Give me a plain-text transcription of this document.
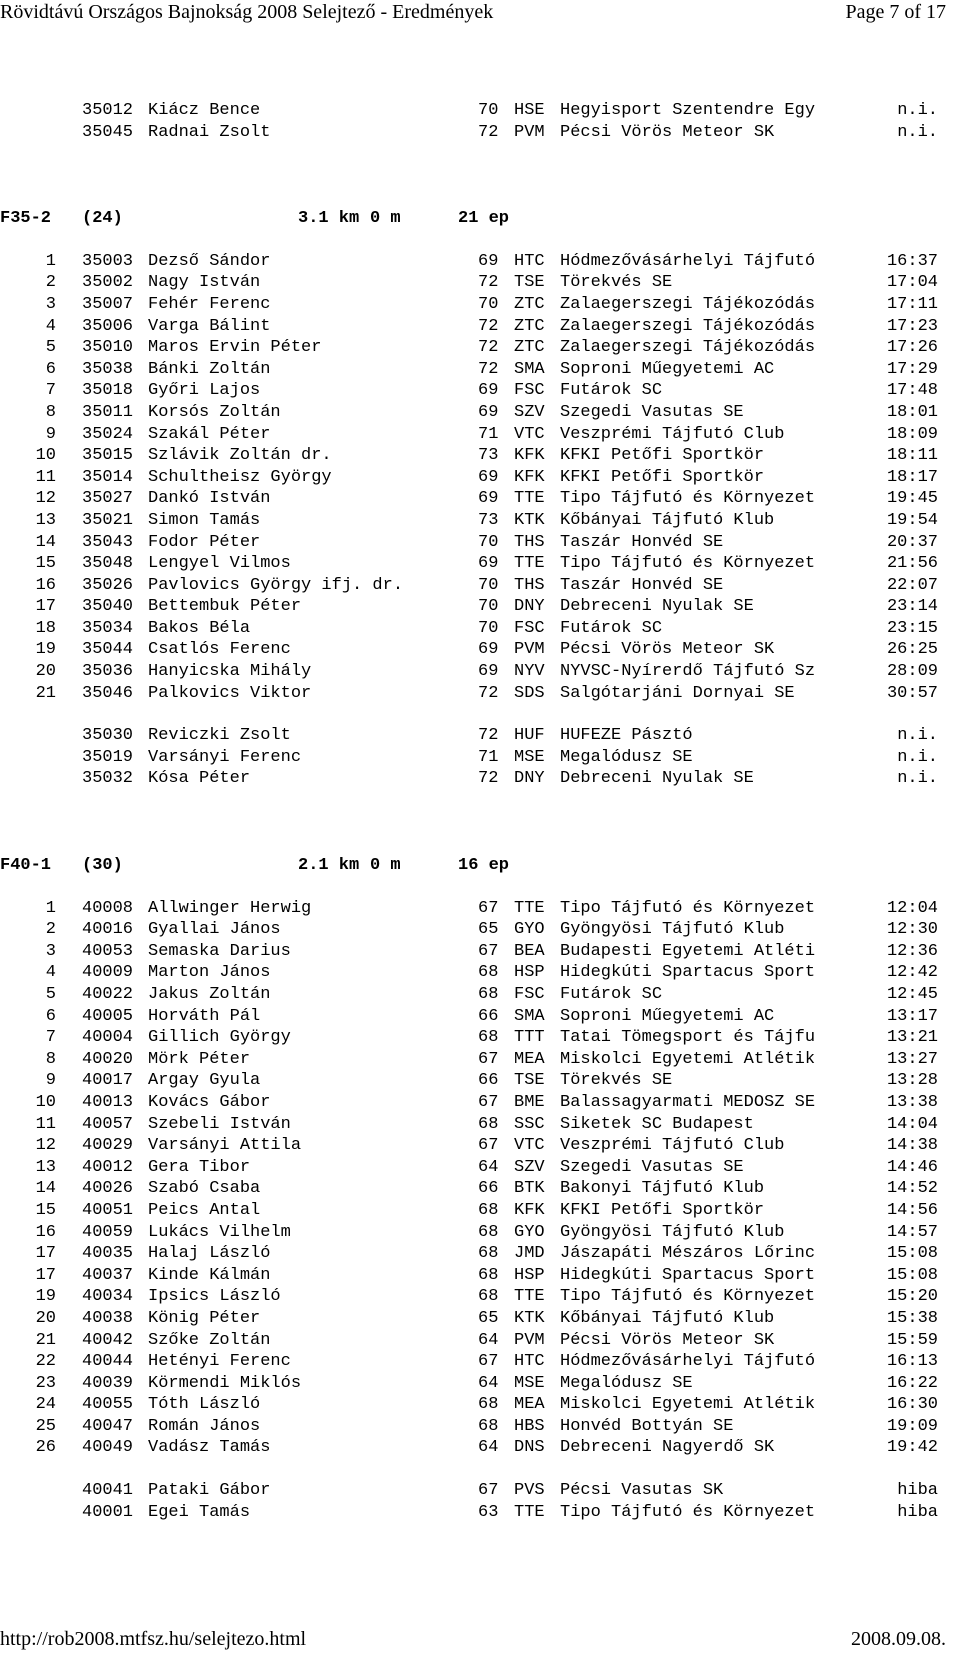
Rövidtávú Országos Bajnokság 2008 Selejtező - Eredmények	Page 7 of 17
35012 Kiácz Bence	70 HSE Hegyisport Szentendre Egy	n.i.
35045 Radnai Zsolt	72 PVM Pécsi Vörös Meteor SK	n.i.
F35-2 (24)	3.1 km 0 m	21 ep
1 35003 Dezső Sándor	69 HTC Hódmezővásárhelyi Tájfutó	16:37
2 35002 Nagy István	72 TSE Törekvés SE	17:04
3 35007 Fehér Ferenc	70 ZTC Zalaegerszegi Tájékozódás	17:11
4 35006 Varga Bálint	72 ZTC Zalaegerszegi Tájékozódás	17:23
5 35010 Maros Ervin Péter	72 ZTC Zalaegerszegi Tájékozódás	17:26
6 35038 Bánki Zoltán	72 SMA Soproni Műegyetemi AC	17:29
7 35018 Győri Lajos	69 FSC Futárok SC	17:48
8 35011 Korsós Zoltán	69 SZV Szegedi Vasutas SE	18:01
9 35024 Szakál Péter	71 VTC Veszprémi Tájfutó Club	18:09
10 35015 Szlávik Zoltán dr.	73 KFK KFKI Petőfi Sportkör	18:11
11 35014 Schultheisz György	69 KFK KFKI Petőfi Sportkör	18:17
12 35027 Dankó István	69 TTE Tipo Tájfutó és Környezet	19:45
13 35021 Simon Tamás	73 KTK Kőbányai Tájfutó Klub	19:54
14 35043 Fodor Péter	70 THS Taszár Honvéd SE	20:37
15 35048 Lengyel Vilmos	69 TTE Tipo Tájfutó és Környezet	21:56
16 35026 Pavlovics György ifj. dr.	70 THS Taszár Honvéd SE	22:07
17 35040 Bettembuk Péter	70 DNY Debreceni Nyulak SE	23:14
18 35034 Bakos Béla	70 FSC Futárok SC	23:15
19 35044 Csatlós Ferenc	69 PVM Pécsi Vörös Meteor SK	26:25
20 35036 Hanyicska Mihály	69 NYV NYVSC-Nyírerdő Tájfutó Sz	28:09
21 35046 Palkovics Viktor	72 SDS Salgótarjáni Dornyai SE	30:57
35030 Reviczki Zsolt	72 HUF HUFEZE Pásztó	n.i.
35019 Varsányi Ferenc	71 MSE Megalódusz SE	n.i.
35032 Kósa Péter	72 DNY Debreceni Nyulak SE	n.i.
F40-1 (30)	2.1 km 0 m	16 ep
1 40008 Allwinger Herwig	67 TTE Tipo Tájfutó és Környezet	12:04
2 40016 Gyallai János	65 GYO Gyöngyösi Tájfutó Klub	12:30
3 40053 Semaska Darius	67 BEA Budapesti Egyetemi Atléti	12:36
4 40009 Marton János	68 HSP Hidegkúti Spartacus Sport	12:42
5 40022 Jakus Zoltán	68 FSC Futárok SC	12:45
6 40005 Horváth Pál	66 SMA Soproni Műegyetemi AC	13:17
7 40004 Gillich György	68 TTT Tatai Tömegsport és Tájfu	13:21
8 40020 Mörk Péter	67 MEA Miskolci Egyetemi Atlétik	13:27
9 40017 Argay Gyula	66 TSE Törekvés SE	13:28
10 40013 Kovács Gábor	67 BME Balassagyarmati MEDOSZ SE	13:38
11 40057 Szebeli István	68 SSC Siketek SC Budapest	14:04
12 40029 Varsányi Attila	67 VTC Veszprémi Tájfutó Club	14:38
13 40012 Gera Tibor	64 SZV Szegedi Vasutas SE	14:46
14 40026 Szabó Csaba	66 BTK Bakonyi Tájfutó Klub	14:52
15 40051 Peics Antal	68 KFK KFKI Petőfi Sportkör	14:56
16 40059 Lukács Vilhelm	68 GYO Gyöngyösi Tájfutó Klub	14:57
17 40035 Halaj László	68 JMD Jászapáti Mészáros Lőrinc	15:08
17 40037 Kinde Kálmán	68 HSP Hidegkúti Spartacus Sport	15:08
19 40034 Ipsics László	68 TTE Tipo Tájfutó és Környezet	15:20
20 40038 König Péter	65 KTK Kőbányai Tájfutó Klub	15:38
21 40042 Szőke Zoltán	64 PVM Pécsi Vörös Meteor SK	15:59
22 40044 Hetényi Ferenc	67 HTC Hódmezővásárhelyi Tájfutó	16:13
23 40039 Körmendi Miklós	64 MSE Megalódusz SE	16:22
24 40055 Tóth László	68 MEA Miskolci Egyetemi Atlétik	16:30
25 40047 Román János	68 HBS Honvéd Bottyán SE	19:09
26 40049 Vadász Tamás	64 DNS Debreceni Nagyerdő SK	19:42
40041 Pataki Gábor	67 PVS Pécsi Vasutas SK	hiba
40001 Egei Tamás	63 TTE Tipo Tájfutó és Környezet	hiba
http://rob2008.mtfsz.hu/selejtezo.html	2008.09.08.
